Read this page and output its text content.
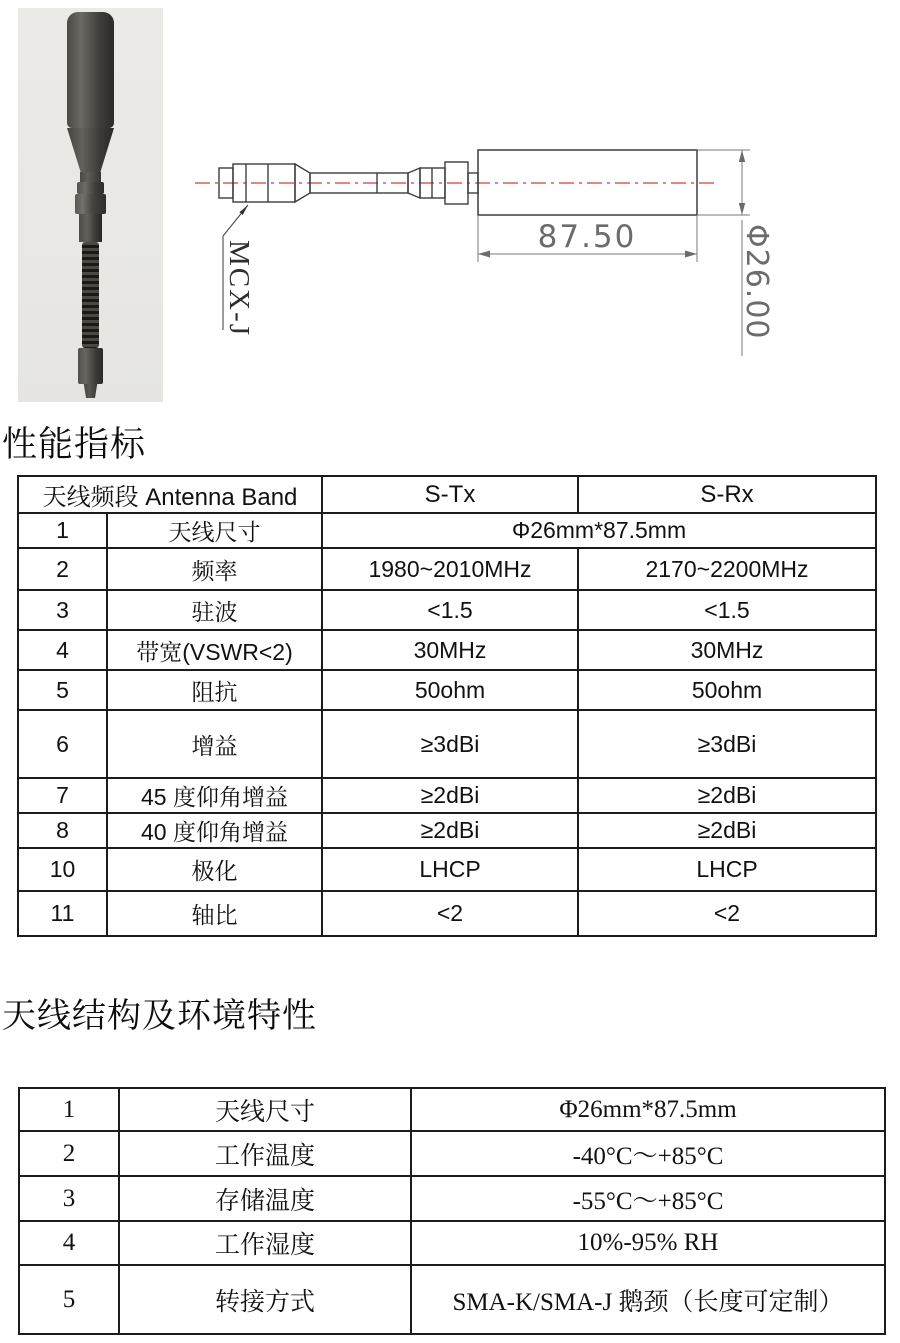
87.50	Φ26.00
MCX-J
性能指标
天线频段 Antenna Band		S-Tx	S-Rx
1	天线尺寸	Φ26mm*87.5mm	
2	频率	1980~2010MHz	2170~2200MHz
3	驻波	<1.5	<1.5
4	带宽(VSWR<2)	30MHz	30MHz
5	阻抗	50ohm	50ohm
6	增益	≥3dBi	≥3dBi
7	45 度仰角增益	≥2dBi	≥2dBi
8	40 度仰角增益	≥2dBi	≥2dBi
10	极化	LHCP	LHCP
11	轴比	<2	<2
天线结构及环境特性
1	天线尺寸	Φ26mm*87.5mm
2	工作温度	-40°C～+85°C
3	存储温度	-55°C～+85°C
4	工作湿度	10%-95% RH
5	转接方式	SMA-K/SMA-J 鹅颈（长度可定制）
